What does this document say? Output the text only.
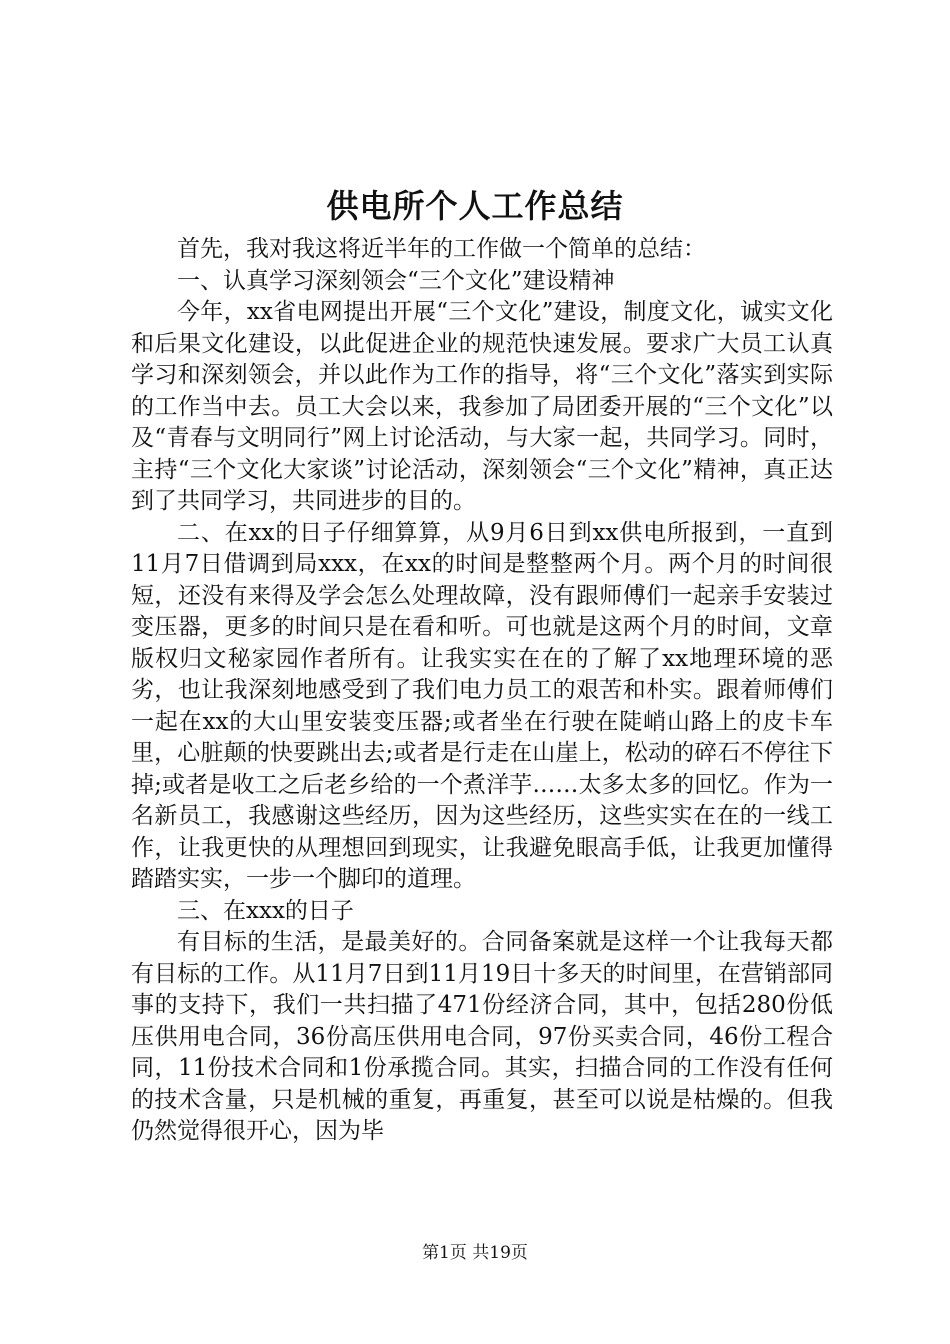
供电所个人工作总结

首先，我对我这将近半年的工作做一个简单的总结：

一、认真学习深刻领会“三个文化”建设精神

今年，xx省电网提出开展“三个文化”建设，制度文化，诚实文化和后果文化建设，以此促进企业的规范快速发展。要求广大员工认真学习和深刻领会，并以此作为工作的指导，将“三个文化”落实到实际的工作当中去。员工大会以来，我参加了局团委开展的“三个文化”以及“青春与文明同行”网上讨论活动，与大家一起，共同学习。同时，主持“三个文化大家谈”讨论活动，深刻领会“三个文化”精神，真正达到了共同学习，共同进步的目的。

二、在xx的日子仔细算算，从9月6日到xx供电所报到，一直到11月7日借调到局xxx，在xx的时间是整整两个月。两个月的时间很短，还没有来得及学会怎么处理故障，没有跟师傅们一起亲手安装过变压器，更多的时间只是在看和听。可也就是这两个月的时间，文章版权归文秘家园作者所有。让我实实在在的了解了xx地理环境的恶劣，也让我深刻地感受到了我们电力员工的艰苦和朴实。跟着师傅们一起在xx的大山里安装变压器;或者坐在行驶在陡峭山路上的皮卡车里，心脏颠的快要跳出去;或者是行走在山崖上，松动的碎石不停往下掉;或者是收工之后老乡给的一个煮洋芋……太多太多的回忆。作为一名新员工，我感谢这些经历，因为这些经历，这些实实在在的一线工作，让我更快的从理想回到现实，让我避免眼高手低，让我更加懂得踏踏实实，一步一个脚印的道理。

三、在xxx的日子

有目标的生活，是最美好的。合同备案就是这样一个让我每天都有目标的工作。从11月7日到11月19日十多天的时间里，在营销部同事的支持下，我们一共扫描了471份经济合同，其中，包括280份低压供用电合同，36份高压供用电合同，97份买卖合同，46份工程合同，11份技术合同和1份承揽合同。其实，扫描合同的工作没有任何的技术含量，只是机械的重复，再重复，甚至可以说是枯燥的。但我仍然觉得很开心，因为毕

第1页 共19页
